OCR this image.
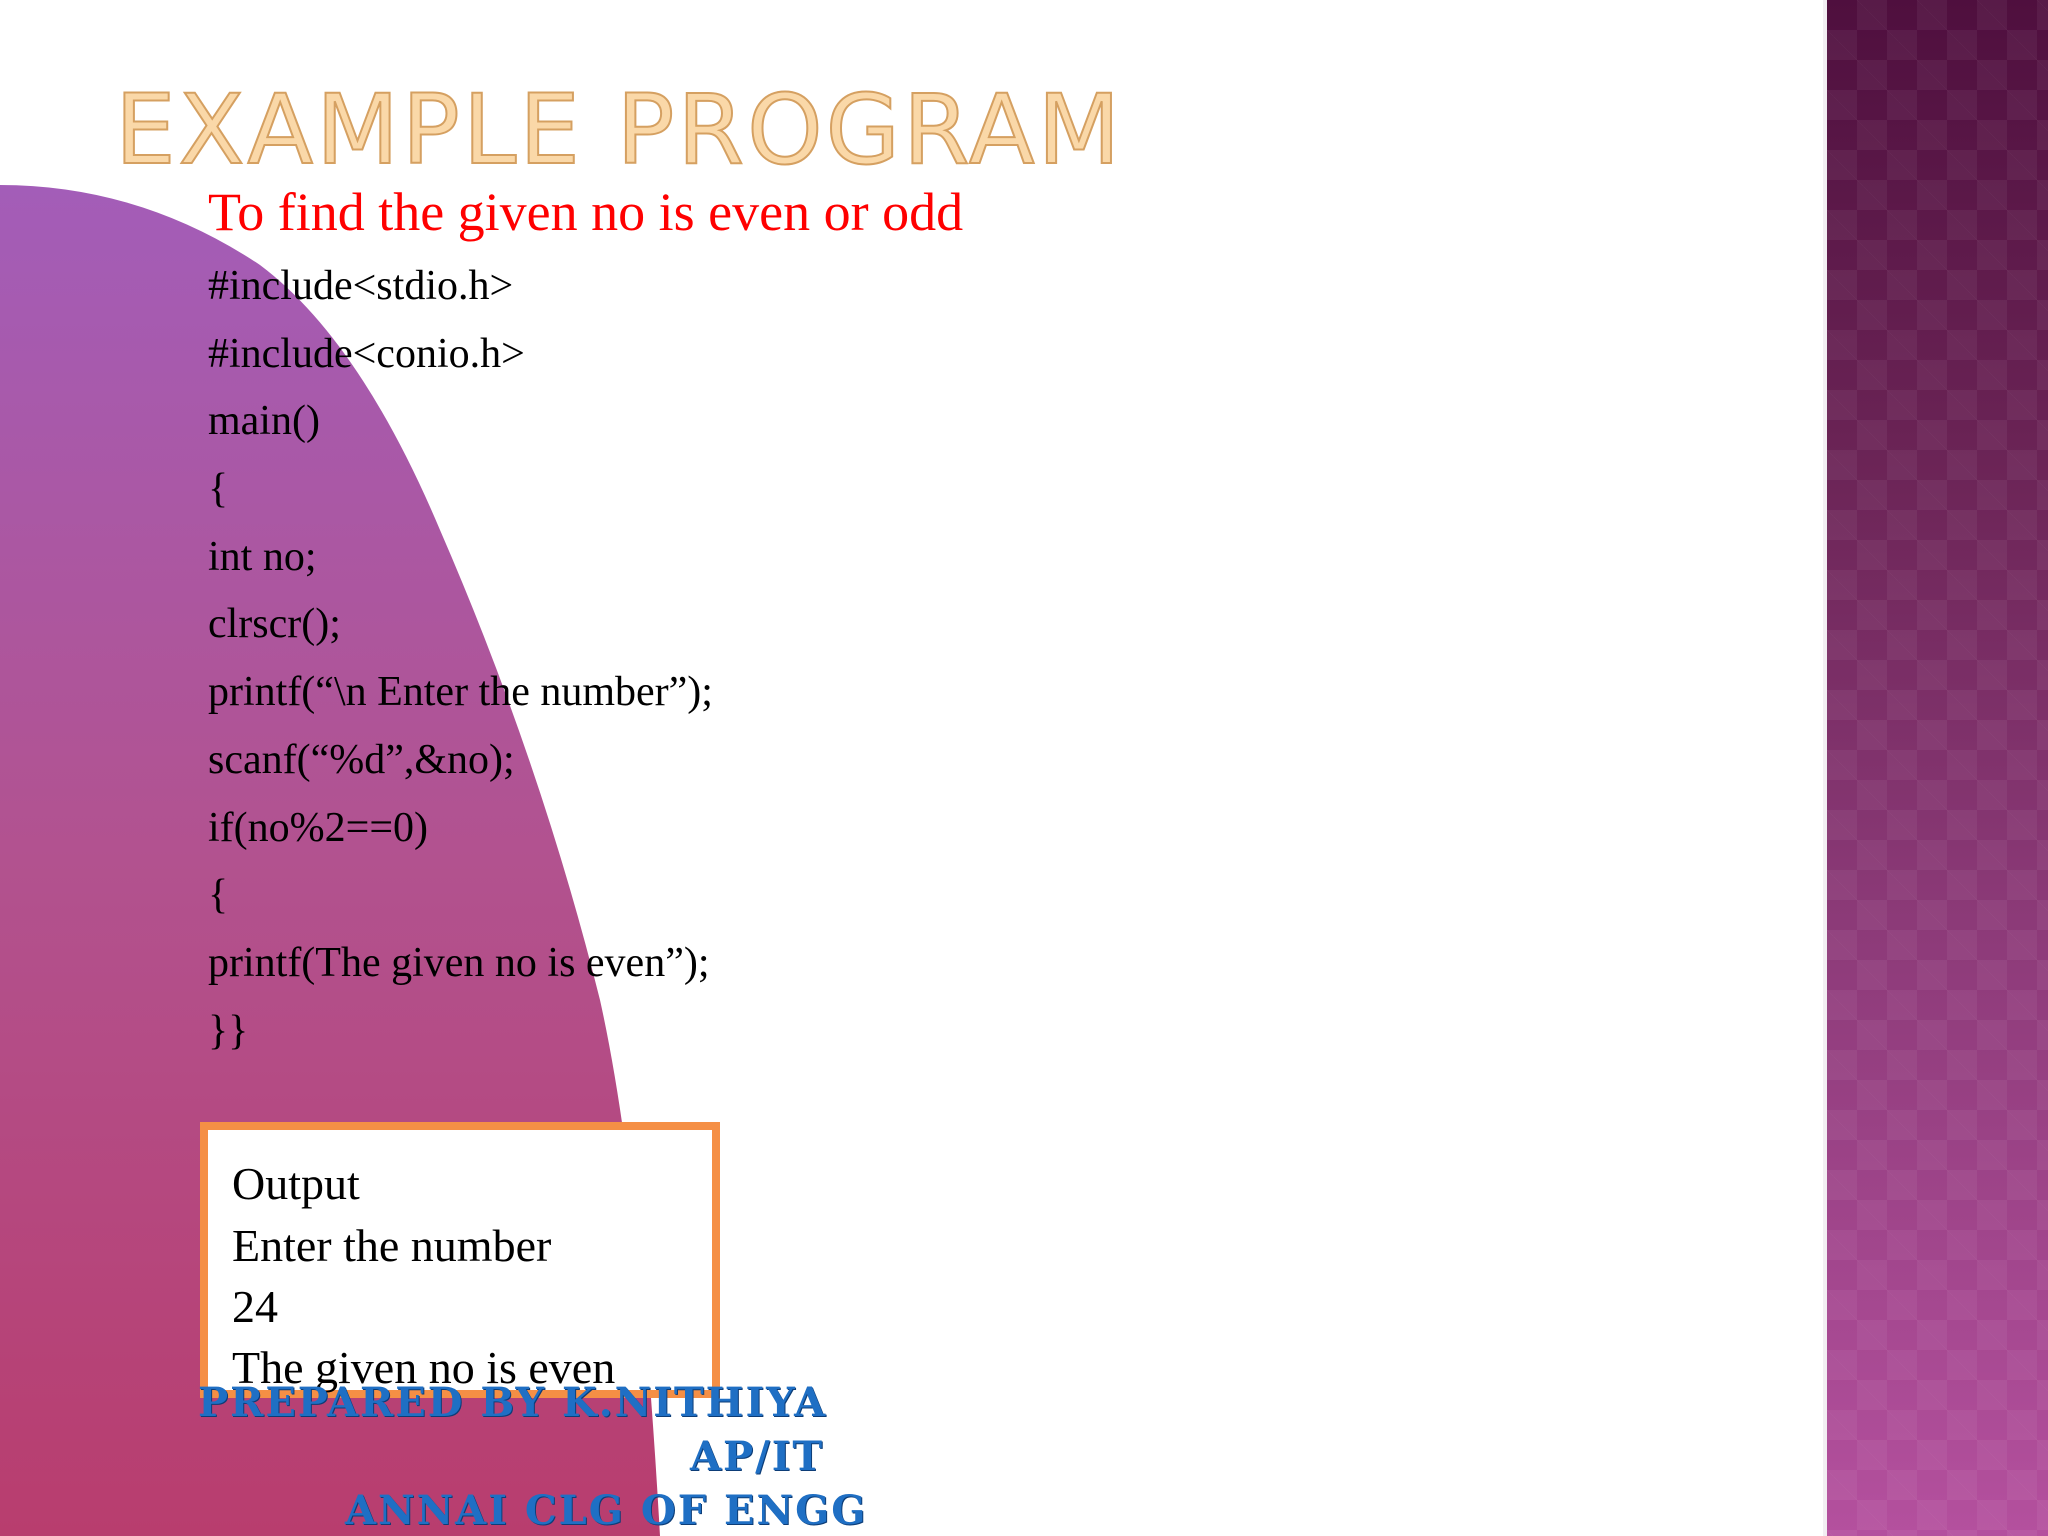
EXAMPLE PROGRAM

To find the given no is even or odd

#include<stdio.h>
#include<conio.h>
main()
{
int no;
clrscr();
printf(“\n Enter the number”);
scanf(“%d”,&no);
if(no%2==0)
{
printf(The given no is even”);
}}
Output
Enter the number
24
The given no is even
PREPARED BY K.NITHIYA
AP/IT
ANNAI CLG OF ENGG
